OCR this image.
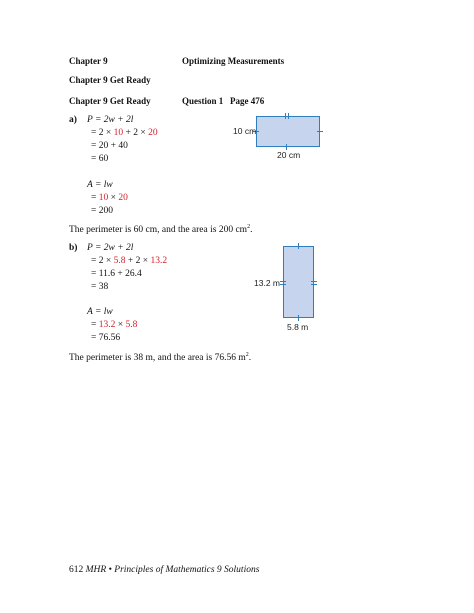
Chapter 9	Optimizing Measurements
Chapter 9 Get Ready
Chapter 9 Get Ready	Question 1 Page 476
a) P = 2w + 2l
= 2 × 10 + 2 × 20
= 20 + 40
= 60
A = lw
= 10 × 20
= 200
10 cm
20 cm
The perimeter is 60 cm, and the area is 200 $cm^2$.
b) P = 2w + 2l
= 2 × 5.8 + 2 × 13.2
= 11.6 + 26.4
= 38
A = lw
= 13.2 × 5.8
= 76.56
13.2 m
5.8 m
The perimeter is 38 m, and the area is 76.56 $m^2$.
612 MHR • Principles of Mathematics 9 Solutions
